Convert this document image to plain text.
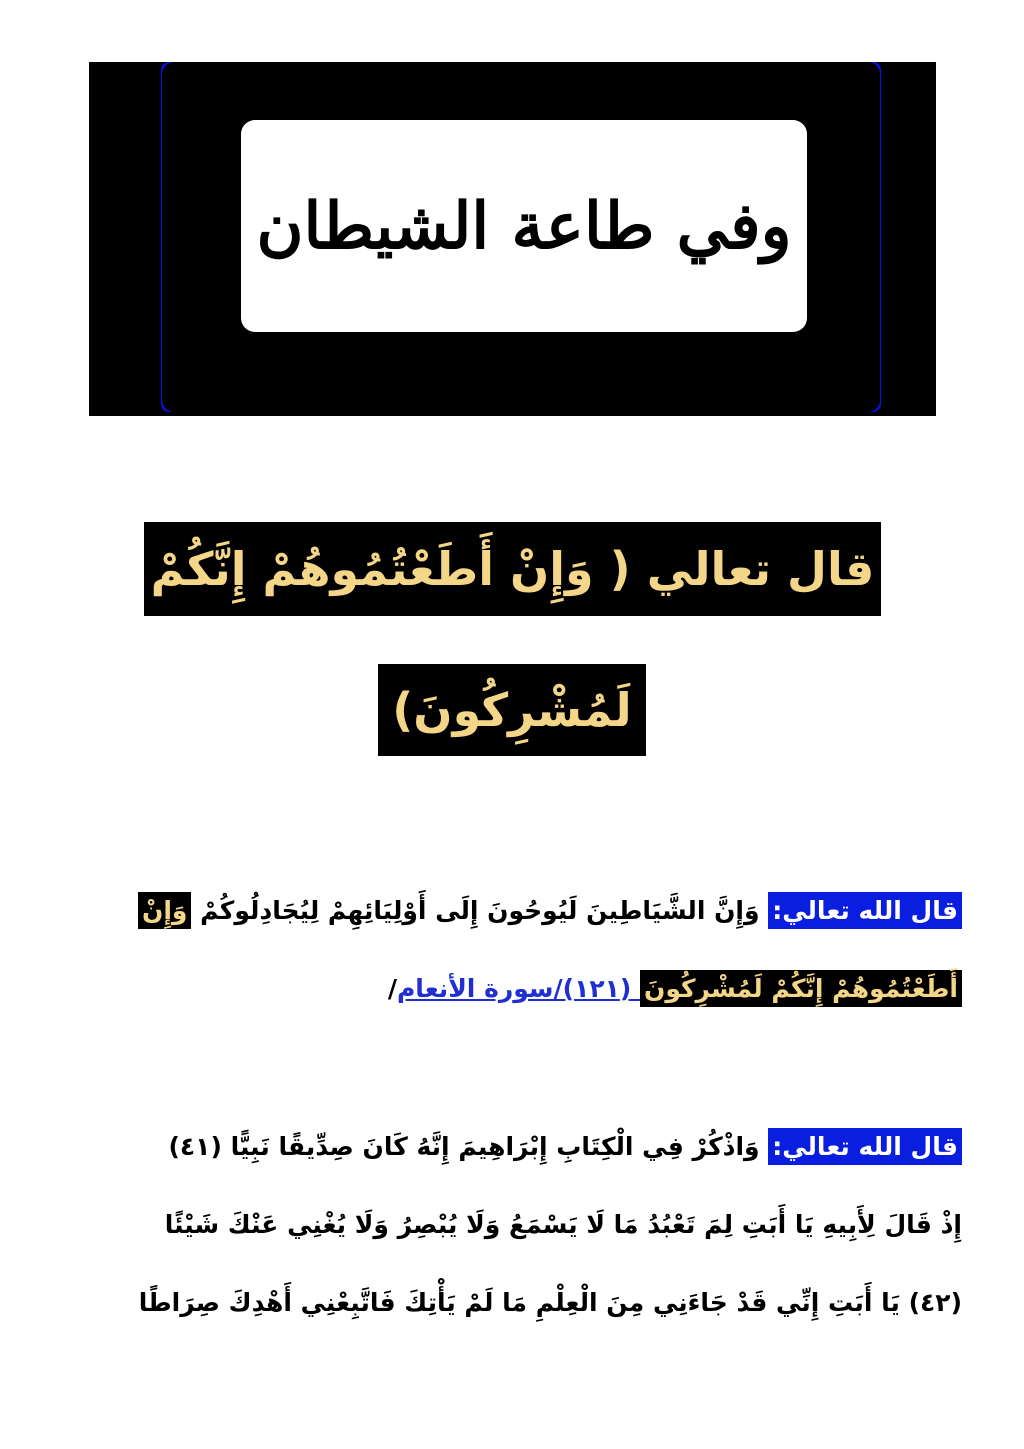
وفي طاعة الشيطان
قال تعالي ( وَإِنْ أَطَعْتُمُوهُمْ إِنَّكُمْ
لَمُشْرِكُونَ)
قال الله تعالي: وَإِنَّ الشَّيَاطِينَ لَيُوحُونَ إِلَى أَوْلِيَائِهِمْ لِيُجَادِلُوكُمْ وَإِنْ
أَطَعْتُمُوهُمْ إِنَّكُمْ لَمُشْرِكُونَ (١٢١)/سورة الأنعام/
قال الله تعالي: وَاذْكُرْ فِي الْكِتَابِ إِبْرَاهِيمَ إِنَّهُ كَانَ صِدِّيقًا نَبِيًّا (٤١)
إِذْ قَالَ لِأَبِيهِ يَا أَبَتِ لِمَ تَعْبُدُ مَا لَا يَسْمَعُ وَلَا يُبْصِرُ وَلَا يُغْنِي عَنْكَ شَيْئًا
(٤٢) يَا أَبَتِ إِنِّي قَدْ جَاءَنِي مِنَ الْعِلْمِ مَا لَمْ يَأْتِكَ فَاتَّبِعْنِي أَهْدِكَ صِرَاطًا
